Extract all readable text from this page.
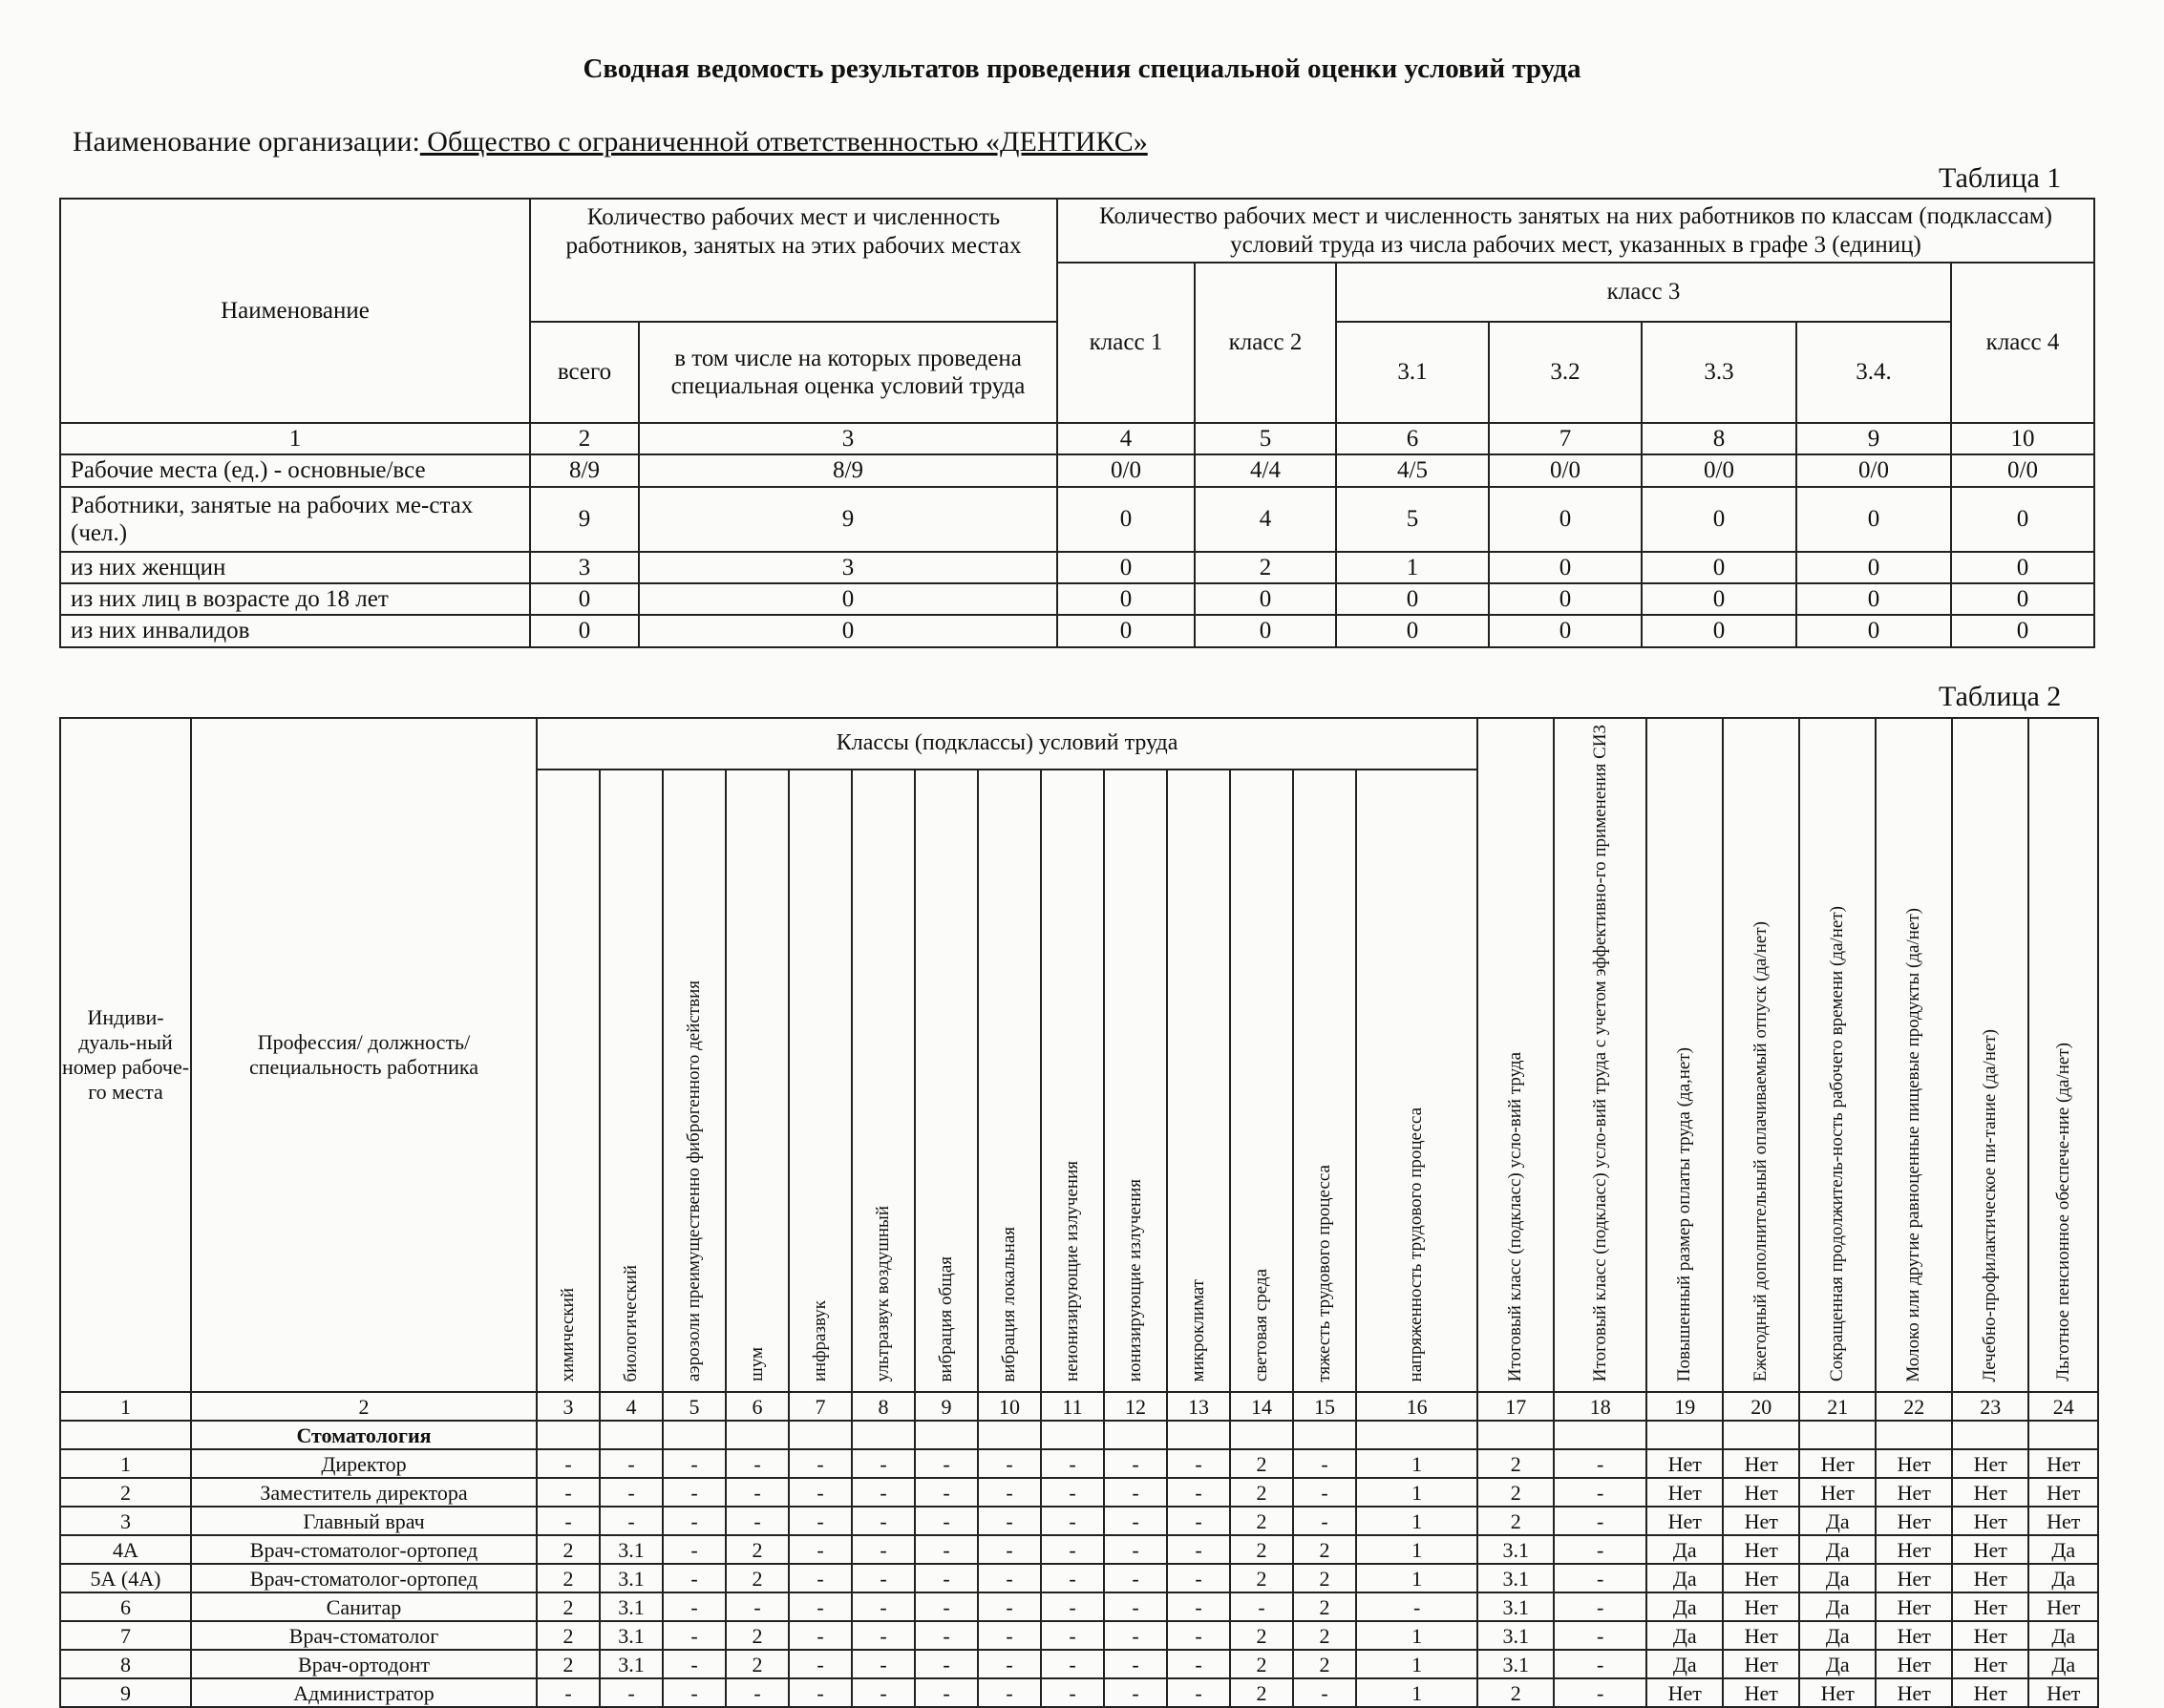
Сводная ведомость результатов проведения специальной оценки условий труда
Наименование организации: Общество с ограниченной ответственностью «ДЕНТИКС»
Таблица 1
Наименование	Количество рабочих мест и численность работников, занятых на этих рабочих местах		Количество рабочих мест и численность занятых на них работников по классам (подклассам) условий труда из числа рабочих мест, указанных в графе 3 (единиц)						
			класс 1	класс 2	класс 3				класс 4
	всего	в том числе на которых проведена специальная оценка условий труда			3.1	3.2	3.3	3.4.	
1	2	3	4	5	6	7	8	9	10
Рабочие места (ед.) - основные/все	8/9	8/9	0/0	4/4	4/5	0/0	0/0	0/0	0/0
Работники, занятые на рабочих ме-стах (чел.)	9	9	0	4	5	0	0	0	0
из них женщин	3	3	0	2	1	0	0	0	0
из них лиц в возрасте до 18 лет	0	0	0	0	0	0	0	0	0
из них инвалидов	0	0	0	0	0	0	0	0	0
Таблица 2
Индиви-дуаль-ный номер рабоче-го места	Профессия/ должность/ специальность работника	Классы (подклассы) условий труда														Итоговый класс (подкласс) усло-вий труда	Итоговый класс (подкласс) усло-вий труда с учетом эффективно-го применения СИЗ	Повышенный размер оплаты труда (да,нет)	Ежегодный дополнительный оплачиваемый отпуск (да/нет)	Сокращенная продолжитель-ность рабочего времени (да/нет)	Молоко или другие равноценные пищевые продукты (да/нет)	Лечебно-профилактическое пи-тание (да/нет)	Льготное пенсионное обеспече-ние (да/нет)
		химический	биологический	аэрозоли преимущественно фиброгенного действия	шум	инфразвук	ультразвук воздушный	вибрация общая	вибрация локальная	неионизирующие излучения	ионизирующие излучения	микроклимат	световая среда	тяжесть трудового процесса	напряженность трудового процесса								
1	2	3	4	5	6	7	8	9	10	11	12	13	14	15	16	17	18	19	20	21	22	23	24
	Стоматология																						
1	Директор	-	-	-	-	-	-	-	-	-	-	-	2	-	1	2	-	Нет	Нет	Нет	Нет	Нет	Нет
2	Заместитель директора	-	-	-	-	-	-	-	-	-	-	-	2	-	1	2	-	Нет	Нет	Нет	Нет	Нет	Нет
3	Главный врач	-	-	-	-	-	-	-	-	-	-	-	2	-	1	2	-	Нет	Нет	Да	Нет	Нет	Нет
4А	Врач-стоматолог-ортопед	2	3.1	-	2	-	-	-	-	-	-	-	2	2	1	3.1	-	Да	Нет	Да	Нет	Нет	Да
5А (4А)	Врач-стоматолог-ортопед	2	3.1	-	2	-	-	-	-	-	-	-	2	2	1	3.1	-	Да	Нет	Да	Нет	Нет	Да
6	Санитар	2	3.1	-	-	-	-	-	-	-	-	-	-	2	-	3.1	-	Да	Нет	Да	Нет	Нет	Нет
7	Врач-стоматолог	2	3.1	-	2	-	-	-	-	-	-	-	2	2	1	3.1	-	Да	Нет	Да	Нет	Нет	Да
8	Врач-ортодонт	2	3.1	-	2	-	-	-	-	-	-	-	2	2	1	3.1	-	Да	Нет	Да	Нет	Нет	Да
9	Администратор	-	-	-	-	-	-	-	-	-	-	-	2	-	1	2	-	Нет	Нет	Нет	Нет	Нет	Нет
